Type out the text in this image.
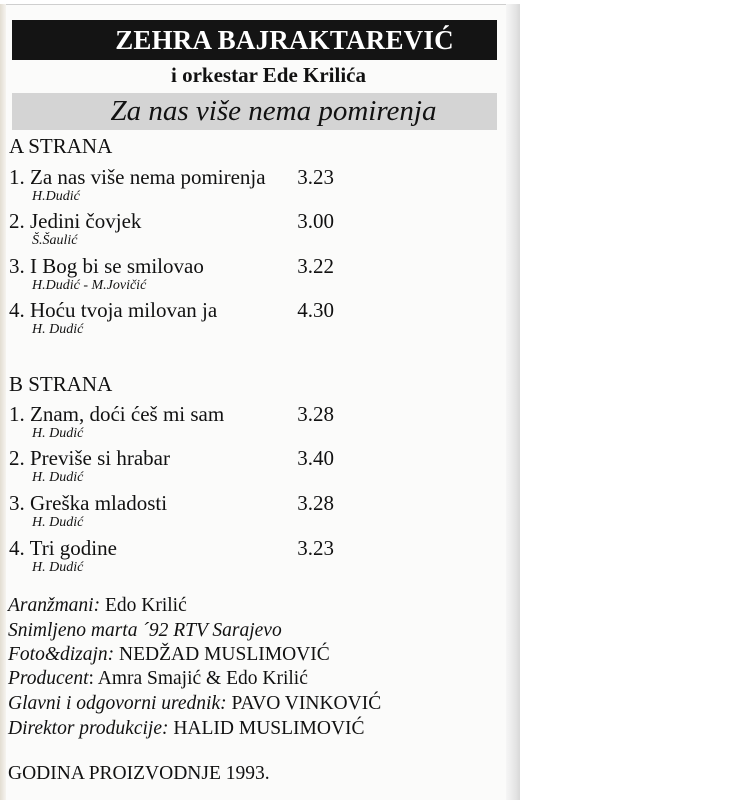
ZEHRA BAJRAKTAREVIĆ
i orkestar Ede Krilića
Za nas više nema pomirenja
A STRANA
1. Za nas više nema pomirenja 3.23
H.Dudić
2. Jedini čovjek	3.00
Š.Šaulić
3. I Bog bi se smilovao	3.22
H.Dudić - M.Jovičić
4. Hoću tvoja milovan ja	4.30
H. Dudić
B STRANA
1. Znam, doći ćeš mi sam	3.28
H. Dudić
2. Previše si hrabar	3.40
H. Dudić
3. Greška mladosti	3.28
H. Dudić
4. Tri godine	3.23
H. Dudić
Aranžmani: Edo Krilić
Snimljeno marta ´92 RTV Sarajevo
Foto&dizajn: NEDŽAD MUSLIMOVIĆ
Producent: Amra Smajić & Edo Krilić
Glavni i odgovorni urednik: PAVO VINKOVIĆ
Direktor produkcije: HALID MUSLIMOVIĆ
GODINA PROIZVODNJE 1993.
